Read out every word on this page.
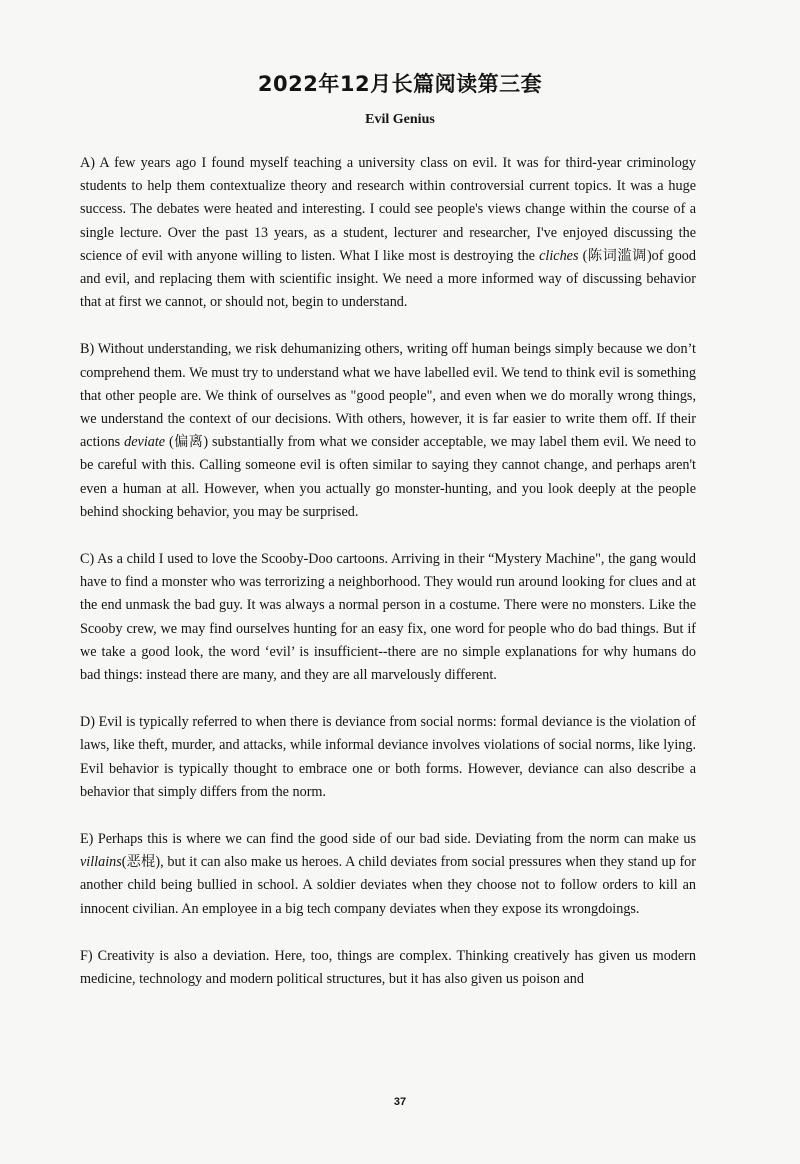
2022年12月长篇阅读第三套
Evil Genius

A) A few years ago I found myself teaching a university class on evil. It was for third-year criminology students to help them contextualize theory and research within controversial current topics. It was a huge success. The debates were heated and interesting. I could see people's views change within the course of a single lecture. Over the past 13 years, as a student, lecturer and researcher, I've enjoyed discussing the science of evil with anyone willing to listen. What I like most is destroying the cliches (陈词滥调)of good and evil, and replacing them with scientific insight. We need a more informed way of discussing behavior that at first we cannot, or should not, begin to understand.

B) Without understanding, we risk dehumanizing others, writing off human beings simply because we don’t comprehend them. We must try to understand what we have labelled evil. We tend to think evil is something that other people are. We think of ourselves as "good people", and even when we do morally wrong things, we understand the context of our decisions. With others, however, it is far easier to write them off. If their actions deviate (偏离) substantially from what we consider acceptable, we may label them evil. We need to be careful with this. Calling someone evil is often similar to saying they cannot change, and perhaps aren't even a human at all. However, when you actually go monster-hunting, and you look deeply at the people behind shocking behavior, you may be surprised.

C) As a child I used to love the Scooby-Doo cartoons. Arriving in their “Mystery Machine", the gang would have to find a monster who was terrorizing a neighborhood. They would run around looking for clues and at the end unmask the bad guy. It was always a normal person in a costume. There were no monsters. Like the Scooby crew, we may find ourselves hunting for an easy fix, one word for people who do bad things. But if we take a good look, the word ‘evil’ is insufficient--there are no simple explanations for why humans do bad things: instead there are many, and they are all marvelously different.

D) Evil is typically referred to when there is deviance from social norms: formal deviance is the violation of laws, like theft, murder, and attacks, while informal deviance involves violations of social norms, like lying. Evil behavior is typically thought to embrace one or both forms. However, deviance can also describe a behavior that simply differs from the norm.

E) Perhaps this is where we can find the good side of our bad side. Deviating from the norm can make us villains(恶棍), but it can also make us heroes. A child deviates from social pressures when they stand up for another child being bullied in school. A soldier deviates when they choose not to follow orders to kill an innocent civilian. An employee in a big tech company deviates when they expose its wrongdoings.

F) Creativity is also a deviation. Here, too, things are complex. Thinking creatively has given us modern medicine, technology and modern political structures, but it has also given us poison and

37
